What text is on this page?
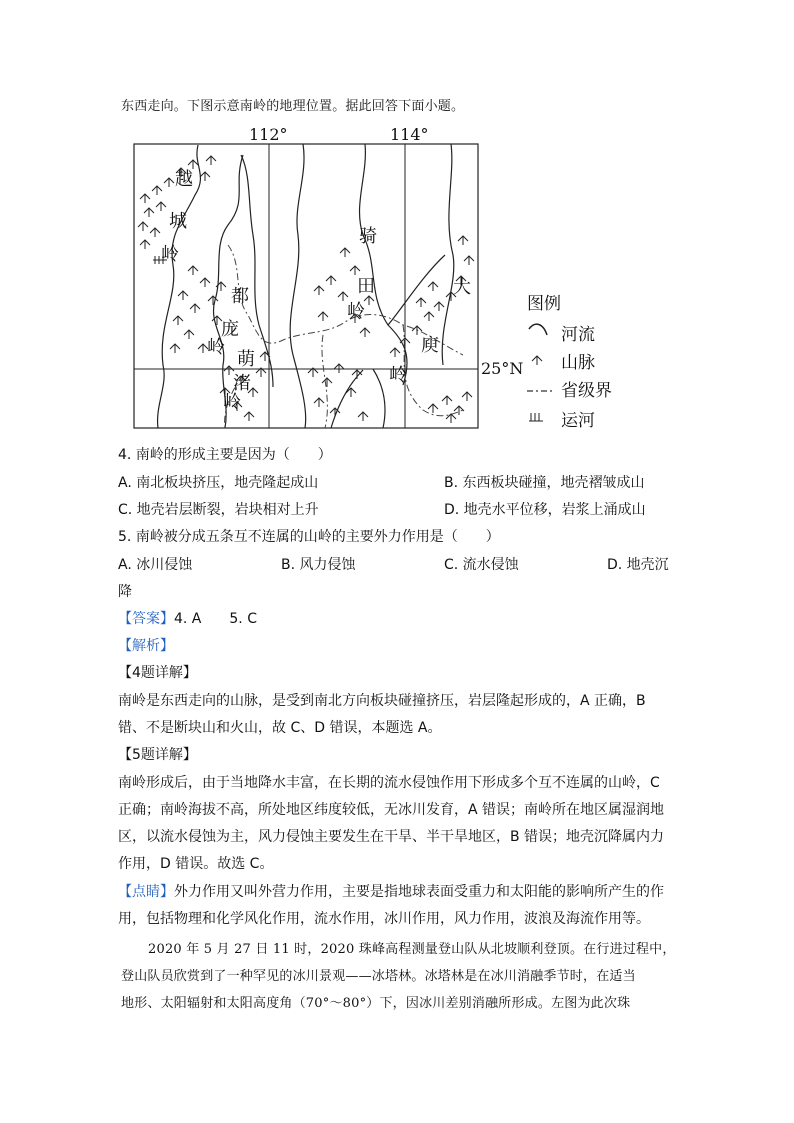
东西走向。下图示意南岭的地理位置。据此回答下面小题。
112°	114°
25°N
越
城
岭
都
庞
岭
萌
渚
岭
骑
田
岭
大
庾
岭
图例
河流
山脉
省级界
运河
4. 南岭的形成主要是因为（　　）
A. 南北板块挤压，地壳隆起成山	B. 东西板块碰撞，地壳褶皱成山
C. 地壳岩层断裂，岩块相对上升	D. 地壳水平位移，岩浆上涌成山
5. 南岭被分成五条互不连属的山岭的主要外力作用是（　　）
A. 冰川侵蚀	B. 风力侵蚀	C. 流水侵蚀	D. 地壳沉
降
【答案】4. A　　5. C
【解析】
【4题详解】
南岭是东西走向的山脉，是受到南北方向板块碰撞挤压，岩层隆起形成的，A 正确，B
错、不是断块山和火山，故 C、D 错误，本题选 A。
【5题详解】
南岭形成后，由于当地降水丰富，在长期的流水侵蚀作用下形成多个互不连属的山岭，C
正确；南岭海拔不高，所处地区纬度较低，无冰川发育，A 错误；南岭所在地区属湿润地
区，以流水侵蚀为主，风力侵蚀主要发生在干旱、半干旱地区，B 错误；地壳沉降属内力
作用，D 错误。故选 C。
【点睛】外力作用又叫外营力作用，主要是指地球表面受重力和太阳能的影响所产生的作
用，包括物理和化学风化作用，流水作用，冰川作用，风力作用，波浪及海流作用等。
2020 年 5 月 27 日 11 时，2020 珠峰高程测量登山队从北坡顺利登顶。在行进过程中，
登山队员欣赏到了一种罕见的冰川景观——冰塔林。冰塔林是在冰川消融季节时，在适当
地形、太阳辐射和太阳高度角（70°～80°）下，因冰川差别消融所形成。左图为此次珠
